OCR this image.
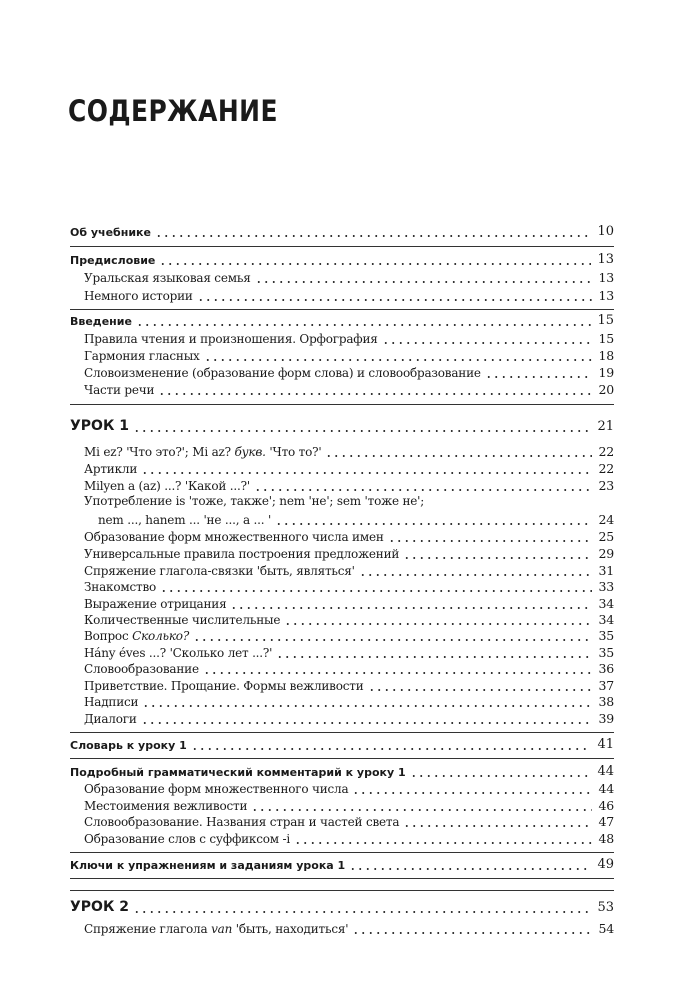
СОДЕРЖАНИЕ
Об учебнике	10
Предисловие	13
Уральская языковая семья	13
Немного истории	13
Введение	15
Правила чтения и произношения. Орфография	15
Гармония гласных	18
Словоизменение (образование форм слова) и словообразование	19
Части речи	20
УРОК 1	21
Mi ez? 'Что это?'; Mi az? букв. 'Что то?'	22
Артикли	22
Milyen a (az) ...? 'Какой ...?'	23
Употребление is 'тоже, также'; nem 'не'; sem 'тоже не';
nem ..., hanem ... 'не ..., а ... '	24
Образование форм множественного числа имен	25
Универсальные правила построения предложений	29
Спряжение глагола-связки 'быть, являться'	31
Знакомство	33
Выражение отрицания	34
Количественные числительные	34
Вопрос Сколько?	35
Hány éves ...? 'Сколько лет ...?'	35
Словообразование	36
Приветствие. Прощание. Формы вежливости	37
Надписи	38
Диалоги	39
Словарь к уроку 1	41
Подробный грамматический комментарий к уроку 1	44
Образование форм множественного числа	44
Местоимения вежливости	46
Словообразование. Названия стран и частей света	47
Образование слов с суффиксом -i	48
Ключи к упражнениям и заданиям урока 1	49
УРОК 2	53
Спряжение глагола van 'быть, находиться'	54
